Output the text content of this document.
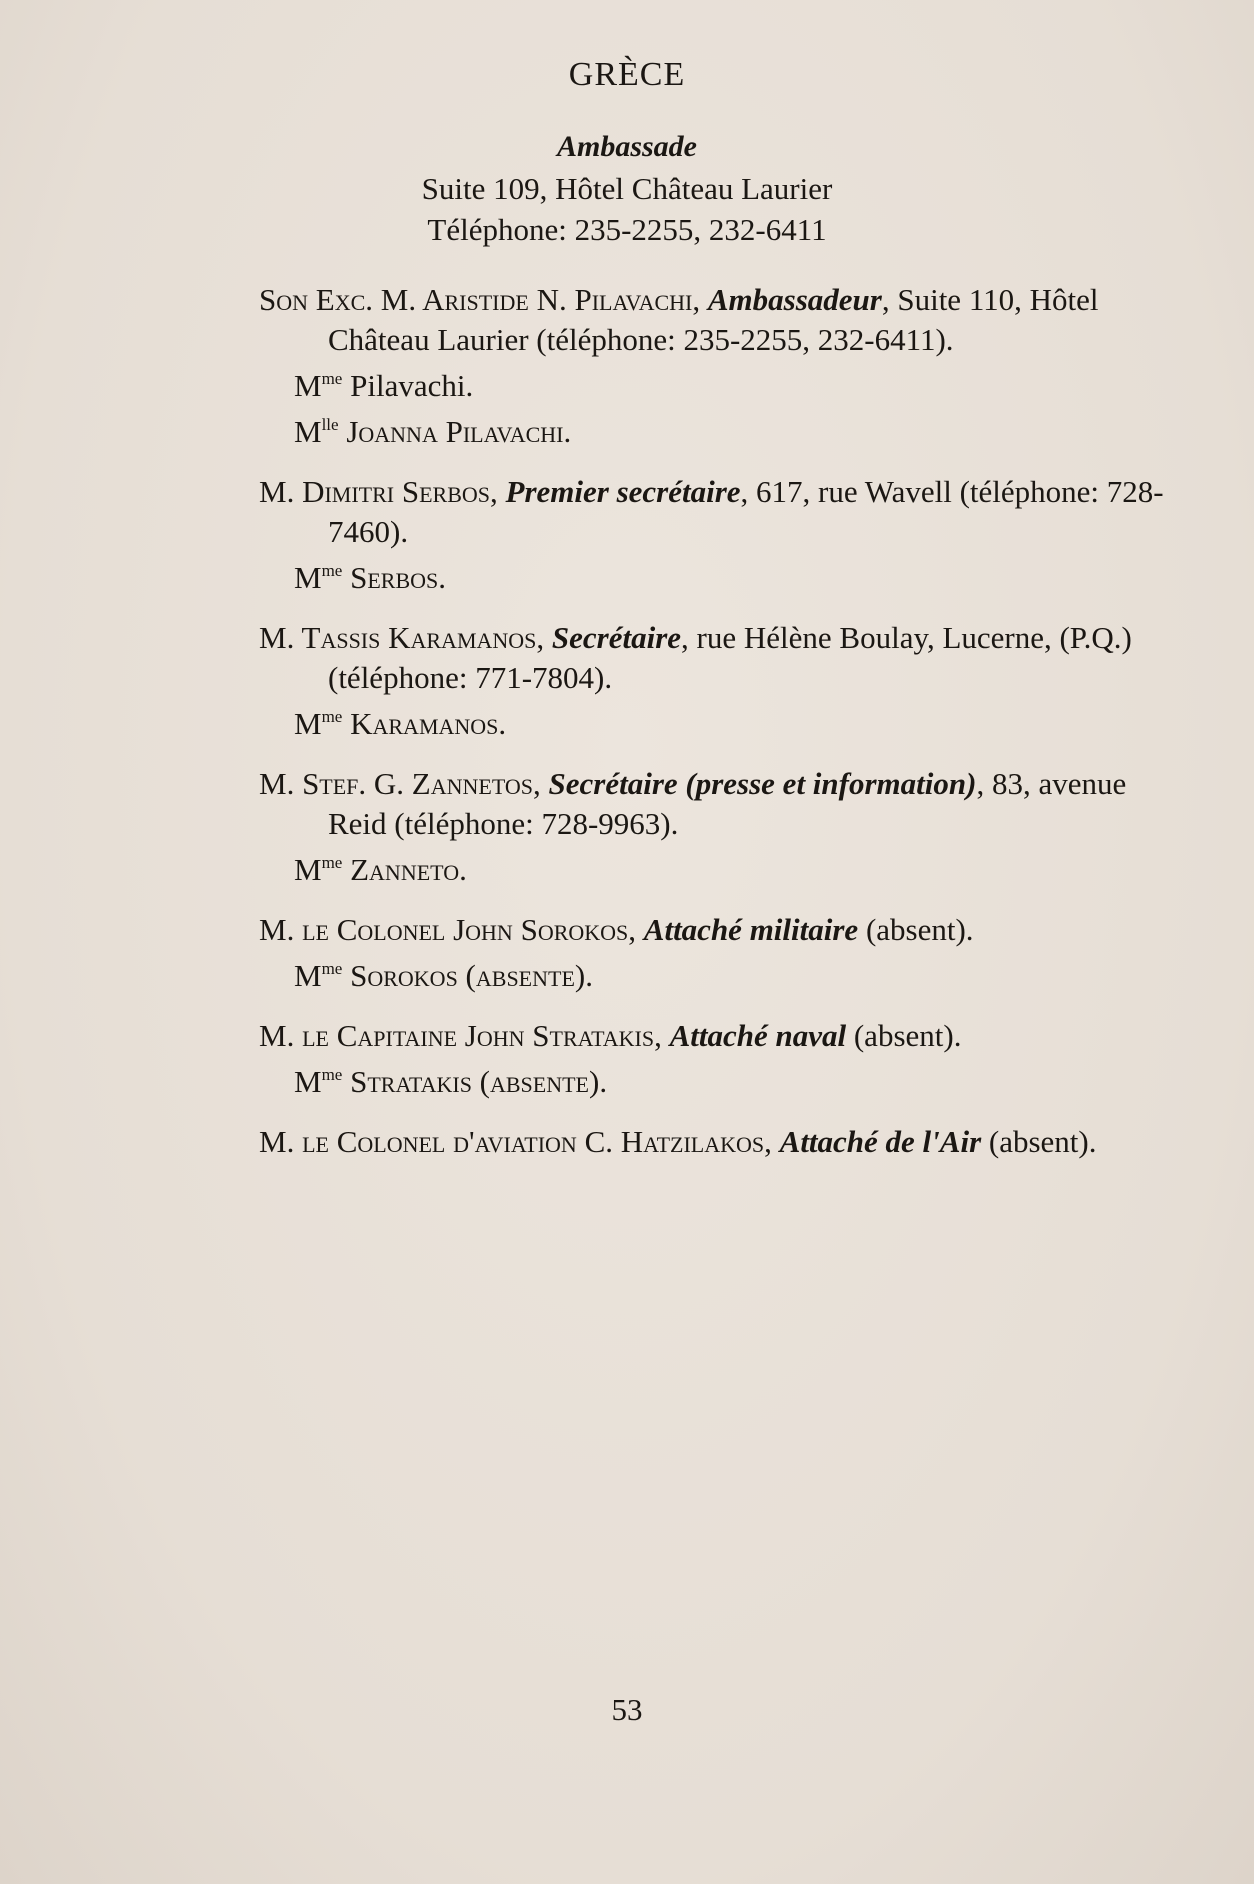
GRÈCE
Ambassade
Suite 109, Hôtel Château Laurier
Téléphone: 235-2255, 232-6411
Son Exc. M. Aristide N. Pilavachi, Ambassadeur, Suite 110, Hôtel Château Laurier (téléphone: 235-2255, 232-6411).
$M^{me}$ Pilavachi.
$M^{lle}$ Joanna Pilavachi.
M. Dimitri Serbos, Premier secrétaire, 617, rue Wavell (téléphone: 728-7460).
$M^{me}$ Serbos.
M. Tassis Karamanos, Secrétaire, rue Hélène Boulay, Lucerne, (P.Q.) (téléphone: 771-7804).
$M^{me}$ Karamanos.
M. Stef. G. Zannetos, Secrétaire (presse et information), 83, avenue Reid (téléphone: 728-9963).
$M^{me}$ Zanneto.
M. le Colonel John Sorokos, Attaché militaire (absent).
$M^{me}$ Sorokos (absente).
M. le Capitaine John Stratakis, Attaché naval (absent).
$M^{me}$ Stratakis (absente).
M. le Colonel d'aviation C. Hatzilakos, Attaché de l'Air (absent).
53
